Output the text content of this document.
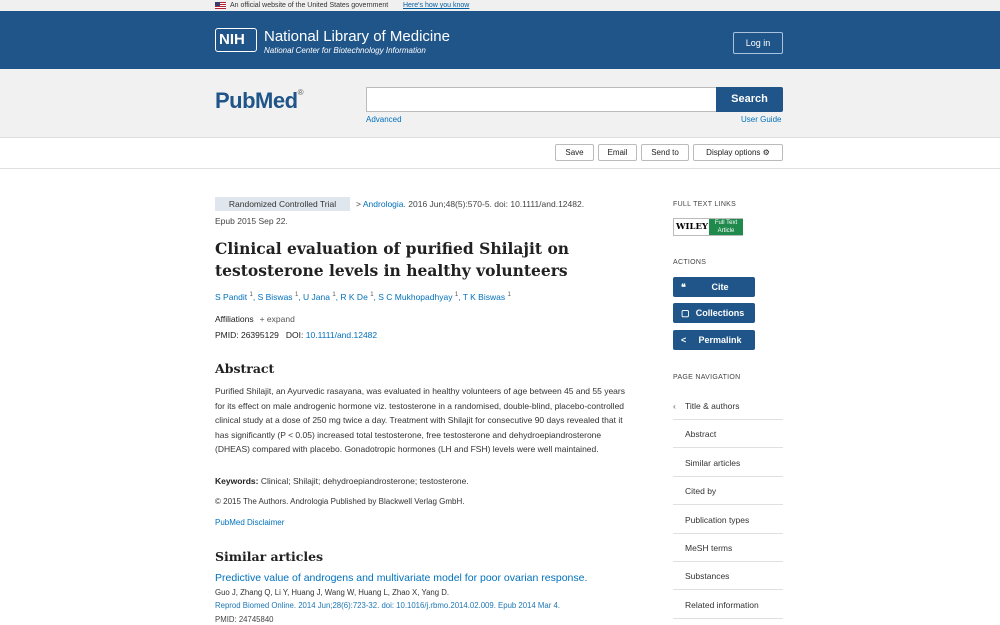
An official website of the United States government Here's how you know
NIH	National Library of Medicine
National Center for Biotechnology Information
Log in
PubMed®
Search
Advanced	User Guide
Save	Email	Send to	Display options ⚙
Randomized Controlled Trial	> Andrologia. 2016 Jun;48(5):570-5. doi: 10.1111/and.12482.
Epub 2015 Sep 22.
Clinical evaluation of purified Shilajit on testosterone levels in healthy volunteers
S Pandit $^1$, S Biswas $^1$, U Jana $^1$, R K De $^1$, S C Mukhopadhyay $^1$, T K Biswas $^1$
Affiliations + expand
PMID: 26395129 DOI: 10.1111/and.12482
Abstract
Purified Shilajit, an Ayurvedic rasayana, was evaluated in healthy volunteers of age between 45 and 55 years for its effect on male androgenic hormone viz. testosterone in a randomised, double-blind, placebo-controlled clinical study at a dose of 250 mg twice a day. Treatment with Shilajit for consecutive 90 days revealed that it has significantly (P < 0.05) increased total testosterone, free testosterone and dehydroepiandrosterone (DHEAS) compared with placebo. Gonadotropic hormones (LH and FSH) levels were well maintained.
Keywords: Clinical; Shilajit; dehydroepiandrosterone; testosterone.
© 2015 The Authors. Andrologia Published by Blackwell Verlag GmbH.
PubMed Disclaimer
Similar articles
Predictive value of androgens and multivariate model for poor ovarian response.
Guo J, Zhang Q, Li Y, Huang J, Wang W, Huang L, Zhao X, Yang D.
Reprod Biomed Online. 2014 Jun;28(6):723-32. doi: 10.1016/j.rbmo.2014.02.009. Epub 2014 Mar 4.
PMID: 24745840
FULL TEXT LINKS
WILEY	Full Text Article
ACTIONS
❝	Cite
▢ Collections
<	Permalink
PAGE NAVIGATION
‹ Title & authors
Abstract
Similar articles
Cited by
Publication types
MeSH terms
Substances
Related information
